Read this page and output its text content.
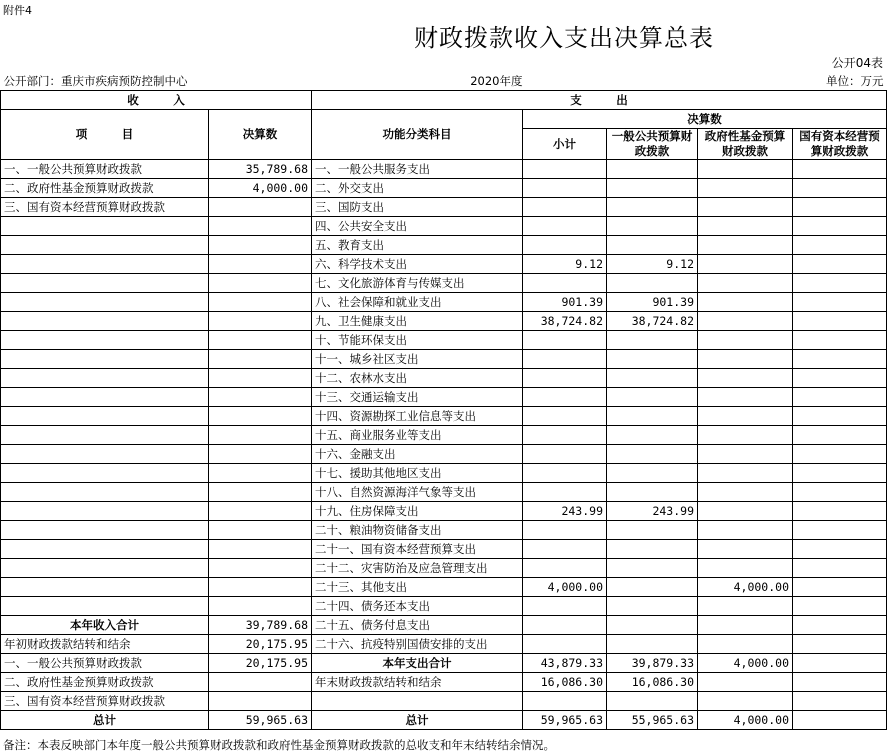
附件4
财政拨款收入支出决算总表
公开04表
公开部门：重庆市疾病预防控制中心		2020年度			单位：万元	
收　　　入		支　　　出				
项　　　目	决算数	功能分类科目	决算数			
			小计	一般公共预算财政拨款	政府性基金预算财政拨款	国有资本经营预算财政拨款

一、一般公共预算财政拨款	35,789.68	一、一般公共服务支出				
二、政府性基金预算财政拨款	4,000.00	二、外交支出				
三、国有资本经营预算财政拨款		三、国防支出				
		四、公共安全支出				
		五、教育支出				
		六、科学技术支出	9.12	9.12		
		七、文化旅游体育与传媒支出				
		八、社会保障和就业支出	901.39	901.39		
		九、卫生健康支出	38,724.82	38,724.82		
		十、节能环保支出				
		十一、城乡社区支出				
		十二、农林水支出				
		十三、交通运输支出				
		十四、资源勘探工业信息等支出				
		十五、商业服务业等支出				
		十六、金融支出				
		十七、援助其他地区支出				
		十八、自然资源海洋气象等支出				
		十九、住房保障支出	243.99	243.99		
		二十、粮油物资储备支出				
		二十一、国有资本经营预算支出				
		二十二、灾害防治及应急管理支出				
		二十三、其他支出	4,000.00		4,000.00	
		二十四、债务还本支出				
本年收入合计	39,789.68	二十五、债务付息支出				
年初财政拨款结转和结余	20,175.95	二十六、抗疫特别国债安排的支出				
一、一般公共预算财政拨款	20,175.95	本年支出合计	43,879.33	39,879.33	4,000.00	
二、政府性基金预算财政拨款		年末财政拨款结转和结余	16,086.30	16,086.30		
三、国有资本经营预算财政拨款						
总计	59,965.63	总计	59,965.63	55,965.63	4,000.00	
备注：本表反映部门本年度一般公共预算财政拨款和政府性基金预算财政拨款的总收支和年末结转结余情况。
